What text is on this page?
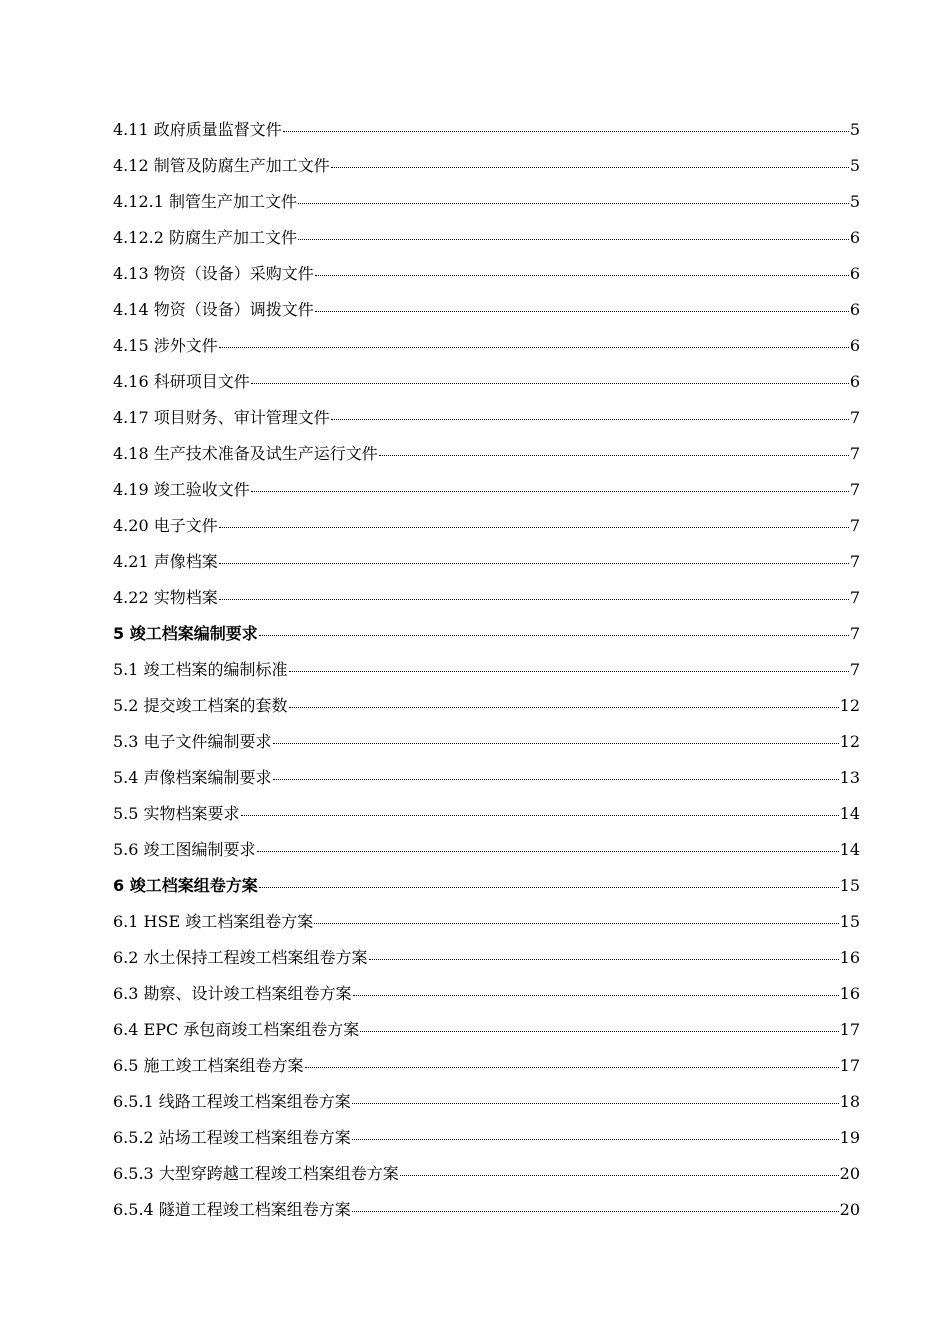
4.11 政府质量监督文件	5
4.12 制管及防腐生产加工文件	5
4.12.1 制管生产加工文件	5
4.12.2 防腐生产加工文件	6
4.13 物资（设备）采购文件	6
4.14 物资（设备）调拨文件	6
4.15 涉外文件	6
4.16 科研项目文件	6
4.17 项目财务、审计管理文件	7
4.18 生产技术准备及试生产运行文件	7
4.19 竣工验收文件	7
4.20 电子文件	7
4.21 声像档案	7
4.22 实物档案	7
5 竣工档案编制要求	7
5.1 竣工档案的编制标准	7
5.2 提交竣工档案的套数	12
5.3 电子文件编制要求	12
5.4 声像档案编制要求	13
5.5 实物档案要求	14
5.6 竣工图编制要求	14
6 竣工档案组卷方案	15
6.1 HSE 竣工档案组卷方案	15
6.2 水土保持工程竣工档案组卷方案	16
6.3 勘察、设计竣工档案组卷方案	16
6.4 EPC 承包商竣工档案组卷方案	17
6.5 施工竣工档案组卷方案	17
6.5.1 线路工程竣工档案组卷方案	18
6.5.2 站场工程竣工档案组卷方案	19
6.5.3 大型穿跨越工程竣工档案组卷方案	20
6.5.4 隧道工程竣工档案组卷方案	20
